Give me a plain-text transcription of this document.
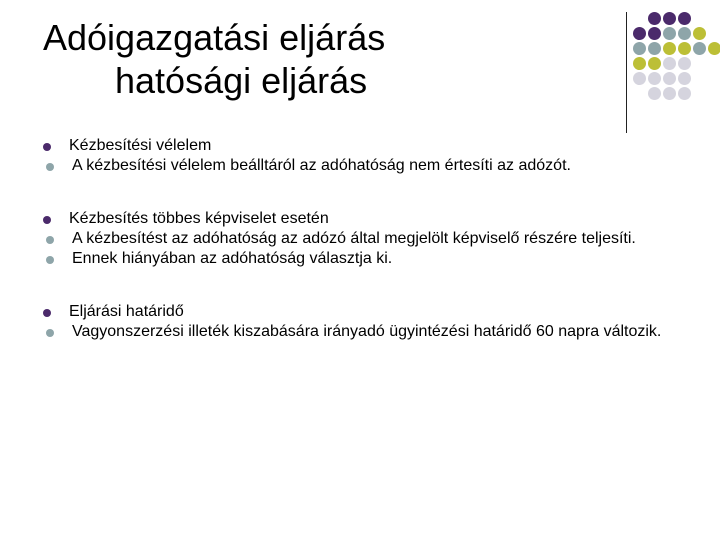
Adóigazgatási eljárás
hatósági eljárás
Kézbesítési vélelem
A kézbesítési vélelem beálltáról az adóhatóság nem értesíti az adózót.
Kézbesítés többes képviselet esetén
A kézbesítést az adóhatóság az adózó által megjelölt képviselő részére teljesíti.
Ennek hiányában az adóhatóság választja ki.
Eljárási határidő
Vagyonszerzési illeték kiszabására irányadó ügyintézési határidő 60 napra változik.
